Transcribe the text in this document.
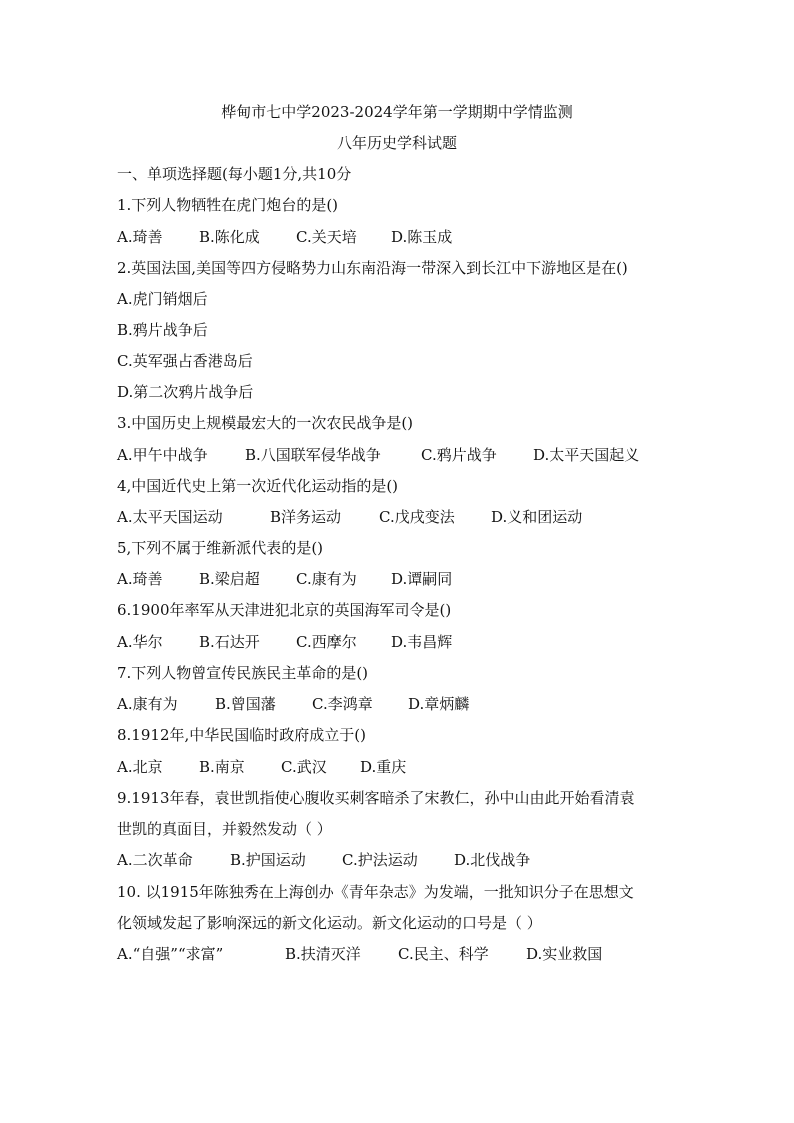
桦甸市七中学2023-2024学年第一学期期中学情监测
八年历史学科试题
一、单项选择题(每小题1分,共10分
1.下列人物牺牲在虎门炮台的是()
A.琦善 B.陈化成 C.关天培 D.陈玉成
2.英国法国,美国等四方侵略势力山东南沿海一带深入到长江中下游地区是在()
A.虎门销烟后
B.鸦片战争后
C.英军强占香港岛后
D.第二次鸦片战争后
3.中国历史上规模最宏大的一次农民战争是()
A.甲午中战争 B.八国联军侵华战争	C.鸦片战争 D.太平天国起义
4,中国近代史上第一次近代化运动指的是()
A.太平天国运动	B洋务运动	C.戊戌变法 D.义和团运动
5,下列不属于维新派代表的是()
A.琦善 B.梁启超 C.康有为 D.谭嗣同
6.1900年率军从天津进犯北京的英国海军司令是()
A.华尔 B.石达开 C.西摩尔 D.韦昌辉
7.下列人物曾宣传民族民主革命的是()
A.康有为 B.曾国藩 C.李鸿章 D.章炳麟
8.1912年,中华民国临时政府成立于()
A.北京 B.南京 C.武汉 D.重庆
9.1913年春，袁世凯指使心腹收买刺客暗杀了宋教仁，孙中山由此开始看清袁
世凯的真面目，并毅然发动（ ）
A.二次革命 B.护国运动 C.护法运动 D.北伐战争
10. 以1915年陈独秀在上海创办《青年杂志》为发端，一批知识分子在思想文
化领域发起了影响深远的新文化运动。新文化运动的口号是（ ）
A.“自强”“求富”	B.扶清灭洋 C.民主、科学 D.实业救国
